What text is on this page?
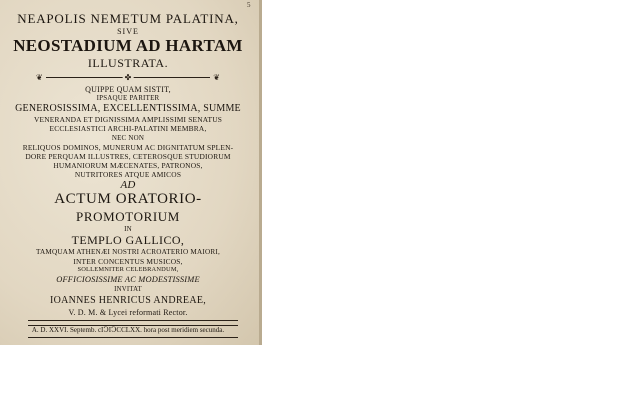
5
NEAPOLIS NEMETUM PALATINA,
SIVE
NEOSTADIUM AD HARTAM
ILLUSTRATA.
❦	✤	❦
QUIPPE QUAM SISTIT,
IPSAQUE PARITER
GENEROSISSIMA, EXCELLENTISSIMA, SUMME
VENERANDA ET DIGNISSIMA AMPLISSIMI SENATUS
ECCLESIASTICI ARCHI-PALATINI MEMBRA,
NEC NON
RELIQUOS DOMINOS, MUNERUM AC DIGNITATUM SPLEN-
DORE PERQUAM ILLUSTRES, CETEROSQUE STUDIORUM
HUMANIORUM MÆCENATES, PATRONOS,
NUTRITORES ATQUE AMICOS
AD
ACTUM ORATORIO-
PROMOTORIUM
IN
TEMPLO GALLICO,
TAMQUAM ATHENÆI NOSTRI ACROATERIO MAIORI,
INTER CONCENTUS MUSICOS,
SOLLEMNITER CELEBRANDUM,
OFFICIOSISSIME AC MODESTISSIME
INVITAT
IOANNES HENRICUS ANDREAE,
V. D. M. & Lycei reformati Rector.
A. D. XXVI. Septemb. cIↃIↃCCLXX. hora post meridiem secunda.
